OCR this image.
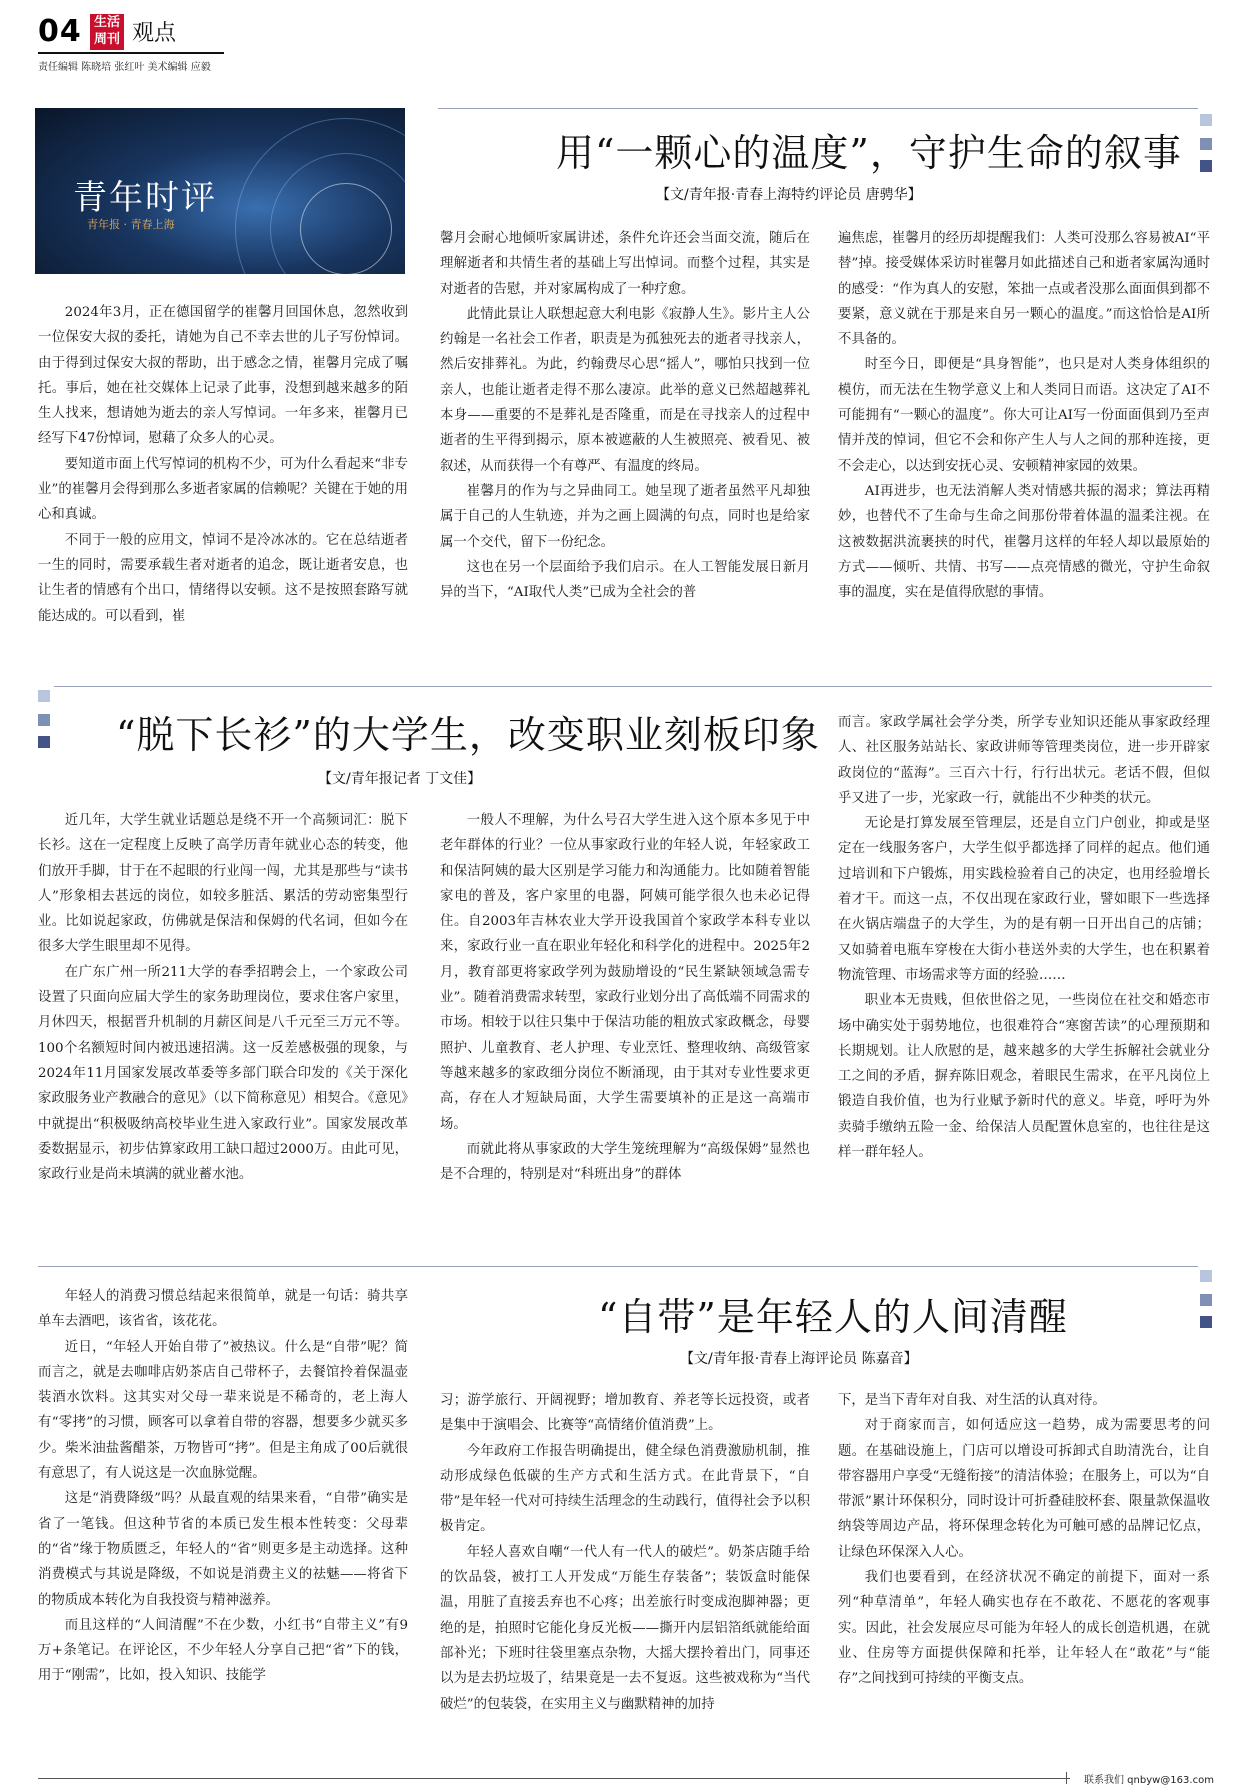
04 生活周刊 观点
责任编辑 陈晓培 张红叶 美术编辑 应毅
青年时评
青年报 · 青春上海
用“一颗心的温度”，守护生命的叙事
【文/青年报·青春上海特约评论员 唐骋华】

馨月会耐心地倾听家属讲述，条件允许还会当面交流，随后在理解逝者和共情生者的基础上写出悼词。而整个过程，其实是对逝者的告慰，并对家属构成了一种疗愈。

此情此景让人联想起意大利电影《寂静人生》。影片主人公约翰是一名社会工作者，职责是为孤独死去的逝者寻找亲人，然后安排葬礼。为此，约翰费尽心思“摇人”，哪怕只找到一位亲人，也能让逝者走得不那么凄凉。此举的意义已然超越葬礼本身——重要的不是葬礼是否隆重，而是在寻找亲人的过程中逝者的生平得到揭示，原本被遮蔽的人生被照亮、被看见、被叙述，从而获得一个有尊严、有温度的终局。

崔馨月的作为与之异曲同工。她呈现了逝者虽然平凡却独属于自己的人生轨迹，并为之画上圆满的句点，同时也是给家属一个交代，留下一份纪念。

这也在另一个层面给予我们启示。在人工智能发展日新月异的当下，“AI取代人类”已成为全社会的普

遍焦虑，崔馨月的经历却提醒我们：人类可没那么容易被AI“平替”掉。接受媒体采访时崔馨月如此描述自己和逝者家属沟通时的感受：“作为真人的安慰，笨拙一点或者没那么面面俱到都不要紧，意义就在于那是来自另一颗心的温度。”而这恰恰是AI所不具备的。

时至今日，即便是“具身智能”，也只是对人类身体组织的模仿，而无法在生物学意义上和人类同日而语。这决定了AI不可能拥有“一颗心的温度”。你大可让AI写一份面面俱到乃至声情并茂的悼词，但它不会和你产生人与人之间的那种连接，更不会走心，以达到安抚心灵、安顿精神家园的效果。

AI再进步，也无法消解人类对情感共振的渴求；算法再精妙，也替代不了生命与生命之间那份带着体温的温柔注视。在这被数据洪流裹挟的时代，崔馨月这样的年轻人却以最原始的方式——倾听、共情、书写——点亮情感的微光，守护生命叙事的温度，实在是值得欣慰的事情。

2024年3月，正在德国留学的崔馨月回国休息，忽然收到一位保安大叔的委托，请她为自己不幸去世的儿子写份悼词。由于得到过保安大叔的帮助，出于感念之情，崔馨月完成了嘱托。事后，她在社交媒体上记录了此事，没想到越来越多的陌生人找来，想请她为逝去的亲人写悼词。一年多来，崔馨月已经写下47份悼词，慰藉了众多人的心灵。

要知道市面上代写悼词的机构不少，可为什么看起来“非专业”的崔馨月会得到那么多逝者家属的信赖呢？关键在于她的用心和真诚。

不同于一般的应用文，悼词不是冷冰冰的。它在总结逝者一生的同时，需要承载生者对逝者的追念，既让逝者安息，也让生者的情感有个出口，情绪得以安顿。这不是按照套路写就能达成的。可以看到，崔

“脱下长衫”的大学生，改变职业刻板印象
【文/青年报记者 丁文佳】

近几年，大学生就业话题总是绕不开一个高频词汇：脱下长衫。这在一定程度上反映了高学历青年就业心态的转变，他们放开手脚，甘于在不起眼的行业闯一闯，尤其是那些与“读书人”形象相去甚远的岗位，如较多脏活、累活的劳动密集型行业。比如说起家政，仿佛就是保洁和保姆的代名词，但如今在很多大学生眼里却不见得。

在广东广州一所211大学的春季招聘会上，一个家政公司设置了只面向应届大学生的家务助理岗位，要求住客户家里，月休四天，根据晋升机制的月薪区间是八千元至三万元不等。100个名额短时间内被迅速招满。这一反差感极强的现象，与2024年11月国家发展改革委等多部门联合印发的《关于深化家政服务业产教融合的意见》（以下简称意见）相契合。《意见》中就提出“积极吸纳高校毕业生进入家政行业”。国家发展改革委数据显示，初步估算家政用工缺口超过2000万。由此可见，家政行业是尚未填满的就业蓄水池。

一般人不理解，为什么号召大学生进入这个原本多见于中老年群体的行业？一位从事家政行业的年轻人说，年轻家政工和保洁阿姨的最大区别是学习能力和沟通能力。比如随着智能家电的普及，客户家里的电器，阿姨可能学很久也未必记得住。自2003年吉林农业大学开设我国首个家政学本科专业以来，家政行业一直在职业年轻化和科学化的进程中。2025年2月，教育部更将家政学列为鼓励增设的“民生紧缺领域急需专业”。随着消费需求转型，家政行业划分出了高低端不同需求的市场。相较于以往只集中于保洁功能的粗放式家政概念，母婴照护、儿童教育、老人护理、专业烹饪、整理收纳、高级管家等越来越多的家政细分岗位不断涌现，由于其对专业性要求更高，存在人才短缺局面，大学生需要填补的正是这一高端市场。

而就此将从事家政的大学生笼统理解为“高级保姆”显然也是不合理的，特别是对“科班出身”的群体

而言。家政学属社会学分类，所学专业知识还能从事家政经理人、社区服务站站长、家政讲师等管理类岗位，进一步开辟家政岗位的“蓝海”。三百六十行，行行出状元。老话不假，但似乎又进了一步，光家政一行，就能出不少种类的状元。

无论是打算发展至管理层，还是自立门户创业，抑或是坚定在一线服务客户，大学生似乎都选择了同样的起点。他们通过培训和下户锻炼，用实践检验着自己的决定，也用经验增长着才干。而这一点，不仅出现在家政行业，譬如眼下一些选择在火锅店端盘子的大学生，为的是有朝一日开出自己的店铺；又如骑着电瓶车穿梭在大街小巷送外卖的大学生，也在积累着物流管理、市场需求等方面的经验……

职业本无贵贱，但依世俗之见，一些岗位在社交和婚恋市场中确实处于弱势地位，也很难符合“寒窗苦读”的心理预期和长期规划。让人欣慰的是，越来越多的大学生拆解社会就业分工之间的矛盾，摒弃陈旧观念，着眼民生需求，在平凡岗位上锻造自我价值，也为行业赋予新时代的意义。毕竟，呼吁为外卖骑手缴纳五险一金、给保洁人员配置休息室的，也往往是这样一群年轻人。

“自带”是年轻人的人间清醒
【文/青年报·青春上海评论员 陈嘉音】

年轻人的消费习惯总结起来很简单，就是一句话：骑共享单车去酒吧，该省省，该花花。

近日，“年轻人开始自带了”被热议。什么是“自带”呢？简而言之，就是去咖啡店奶茶店自己带杯子，去餐馆拎着保温壶装酒水饮料。这其实对父母一辈来说是不稀奇的，老上海人有“零拷”的习惯，顾客可以拿着自带的容器，想要多少就买多少。柴米油盐酱醋茶，万物皆可“拷”。但是主角成了00后就很有意思了，有人说这是一次血脉觉醒。

这是“消费降级”吗？从最直观的结果来看，“自带”确实是省了一笔钱。但这种节省的本质已发生根本性转变：父母辈的“省”缘于物质匮乏，年轻人的“省”则更多是主动选择。这种消费模式与其说是降级，不如说是消费主义的祛魅——将省下的物质成本转化为自我投资与精神滋养。

而且这样的“人间清醒”不在少数，小红书“自带主义”有9万+条笔记。在评论区，不少年轻人分享自己把“省”下的钱，用于“刚需”，比如，投入知识、技能学

习；游学旅行、开阔视野；增加教育、养老等长远投资，或者是集中于演唱会、比赛等“高情绪价值消费”上。

今年政府工作报告明确提出，健全绿色消费激励机制，推动形成绿色低碳的生产方式和生活方式。在此背景下，“自带”是年轻一代对可持续生活理念的生动践行，值得社会予以积极肯定。

年轻人喜欢自嘲“一代人有一代人的破烂”。奶茶店随手给的饮品袋，被打工人开发成“万能生存装备”；装饭盒时能保温，用脏了直接丢弃也不心疼；出差旅行时变成泡脚神器；更绝的是，拍照时它能化身反光板——撕开内层铝箔纸就能给面部补光；下班时往袋里塞点杂物，大摇大摆拎着出门，同事还以为是去扔垃圾了，结果竟是一去不复返。这些被戏称为“当代破烂”的包装袋，在实用主义与幽默精神的加持

下，是当下青年对自我、对生活的认真对待。

对于商家而言，如何适应这一趋势，成为需要思考的问题。在基础设施上，门店可以增设可拆卸式自助清洗台，让自带容器用户享受“无缝衔接”的清洁体验；在服务上，可以为“自带派”累计环保积分，同时设计可折叠硅胶杯套、限量款保温收纳袋等周边产品，将环保理念转化为可触可感的品牌记忆点，让绿色环保深入人心。

我们也要看到，在经济状况不确定的前提下，面对一系列“种草清单”，年轻人确实也存在不敢花、不愿花的客观事实。因此，社会发展应尽可能为年轻人的成长创造机遇，在就业、住房等方面提供保障和托举，让年轻人在“敢花”与“能存”之间找到可持续的平衡支点。

联系我们 qnbyw@163.com
